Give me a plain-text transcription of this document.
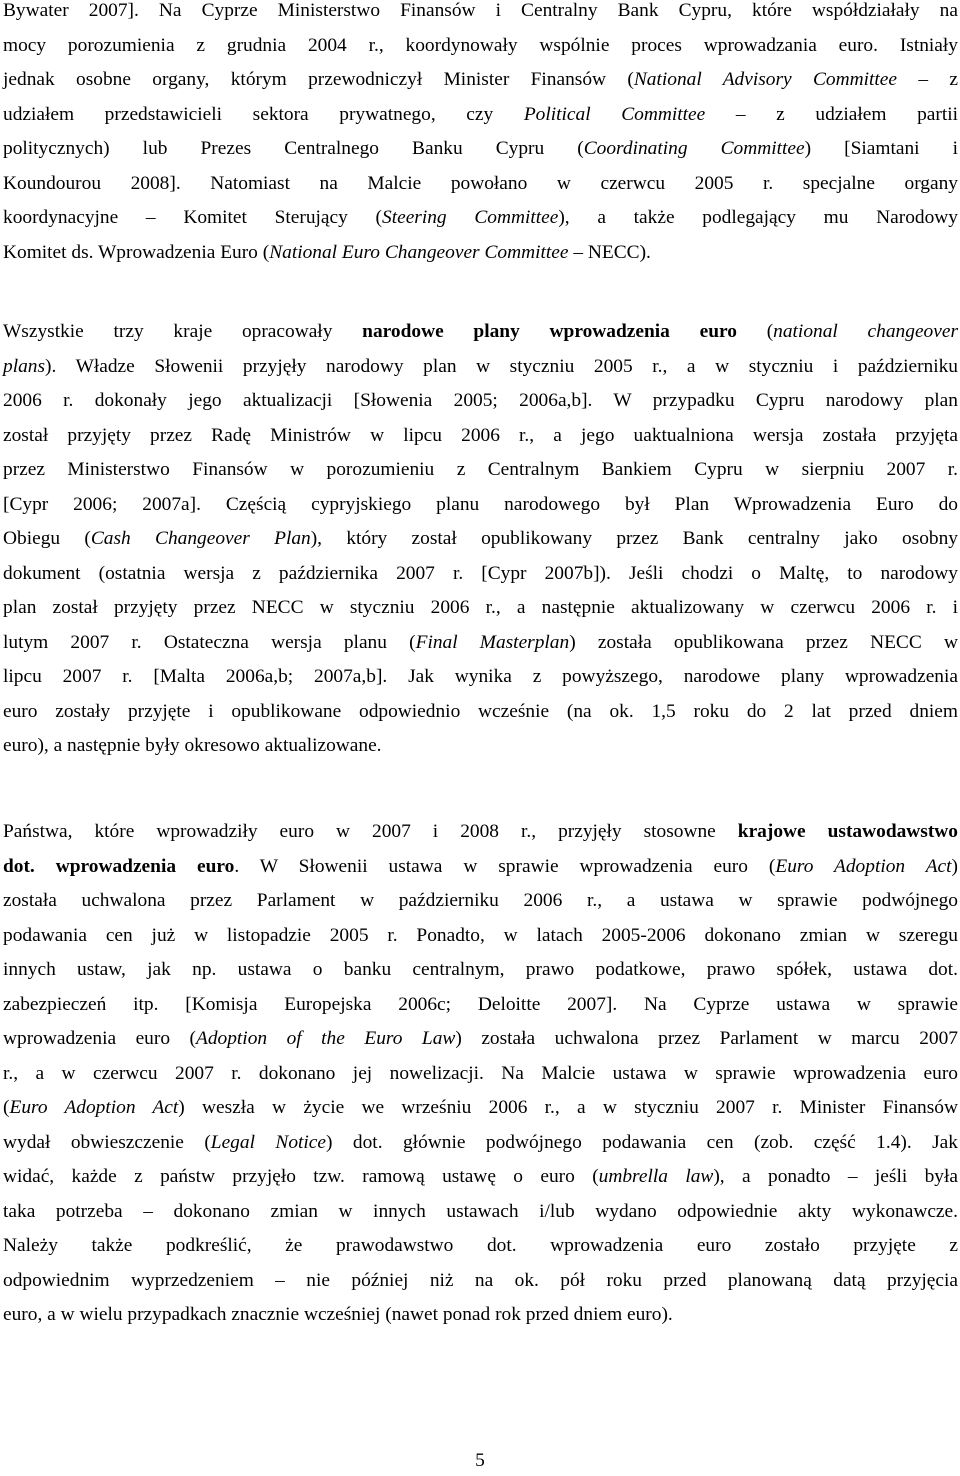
Bywater 2007]. Na Cyprze Ministerstwo Finansów i Centralny Bank Cypru, które współdziałały na
mocy porozumienia z grudnia 2004 r., koordynowały wspólnie proces wprowadzania euro. Istniały
jednak osobne organy, którym przewodniczył Minister Finansów (National Advisory Committee – z
udziałem przedstawicieli sektora prywatnego, czy Political Committee – z udziałem partii
politycznych) lub Prezes Centralnego Banku Cypru (Coordinating Committee) [Siamtani i
Koundourou 2008]. Natomiast na Malcie powołano w czerwcu 2005 r. specjalne organy
koordynacyjne – Komitet Sterujący (Steering Committee), a także podlegający mu Narodowy
Komitet ds. Wprowadzenia Euro (National Euro Changeover Committee – NECC).
Wszystkie trzy kraje opracowały narodowe plany wprowadzenia euro (national changeover
plans). Władze Słowenii przyjęły narodowy plan w styczniu 2005 r., a w styczniu i październiku
2006 r. dokonały jego aktualizacji [Słowenia 2005; 2006a,b]. W przypadku Cypru narodowy plan
został przyjęty przez Radę Ministrów w lipcu 2006 r., a jego uaktualniona wersja została przyjęta
przez Ministerstwo Finansów w porozumieniu z Centralnym Bankiem Cypru w sierpniu 2007 r.
[Cypr 2006; 2007a]. Częścią cypryjskiego planu narodowego był Plan Wprowadzenia Euro do
Obiegu (Cash Changeover Plan), który został opublikowany przez Bank centralny jako osobny
dokument (ostatnia wersja z października 2007 r. [Cypr 2007b]). Jeśli chodzi o Maltę, to narodowy
plan został przyjęty przez NECC w styczniu 2006 r., a następnie aktualizowany w czerwcu 2006 r. i
lutym 2007 r. Ostateczna wersja planu (Final Masterplan) została opublikowana przez NECC w
lipcu 2007 r. [Malta 2006a,b; 2007a,b]. Jak wynika z powyższego, narodowe plany wprowadzenia
euro zostały przyjęte i opublikowane odpowiednio wcześnie (na ok. 1,5 roku do 2 lat przed dniem
euro), a następnie były okresowo aktualizowane.
Państwa, które wprowadziły euro w 2007 i 2008 r., przyjęły stosowne krajowe ustawodawstwo
dot. wprowadzenia euro. W Słowenii ustawa w sprawie wprowadzenia euro (Euro Adoption Act)
została uchwalona przez Parlament w październiku 2006 r., a ustawa w sprawie podwójnego
podawania cen już w listopadzie 2005 r. Ponadto, w latach 2005-2006 dokonano zmian w szeregu
innych ustaw, jak np. ustawa o banku centralnym, prawo podatkowe, prawo spółek, ustawa dot.
zabezpieczeń itp. [Komisja Europejska 2006c; Deloitte 2007]. Na Cyprze ustawa w sprawie
wprowadzenia euro (Adoption of the Euro Law) została uchwalona przez Parlament w marcu 2007
r., a w czerwcu 2007 r. dokonano jej nowelizacji. Na Malcie ustawa w sprawie wprowadzenia euro
(Euro Adoption Act) weszła w życie we wrześniu 2006 r., a w styczniu 2007 r. Minister Finansów
wydał obwieszczenie (Legal Notice) dot. głównie podwójnego podawania cen (zob. część 1.4). Jak
widać, każde z państw przyjęło tzw. ramową ustawę o euro (umbrella law), a ponadto – jeśli była
taka potrzeba – dokonano zmian w innych ustawach i/lub wydano odpowiednie akty wykonawcze.
Należy także podkreślić, że prawodawstwo dot. wprowadzenia euro zostało przyjęte z
odpowiednim wyprzedzeniem – nie później niż na ok. pół roku przed planowaną datą przyjęcia
euro, a w wielu przypadkach znacznie wcześniej (nawet ponad rok przed dniem euro).
5
